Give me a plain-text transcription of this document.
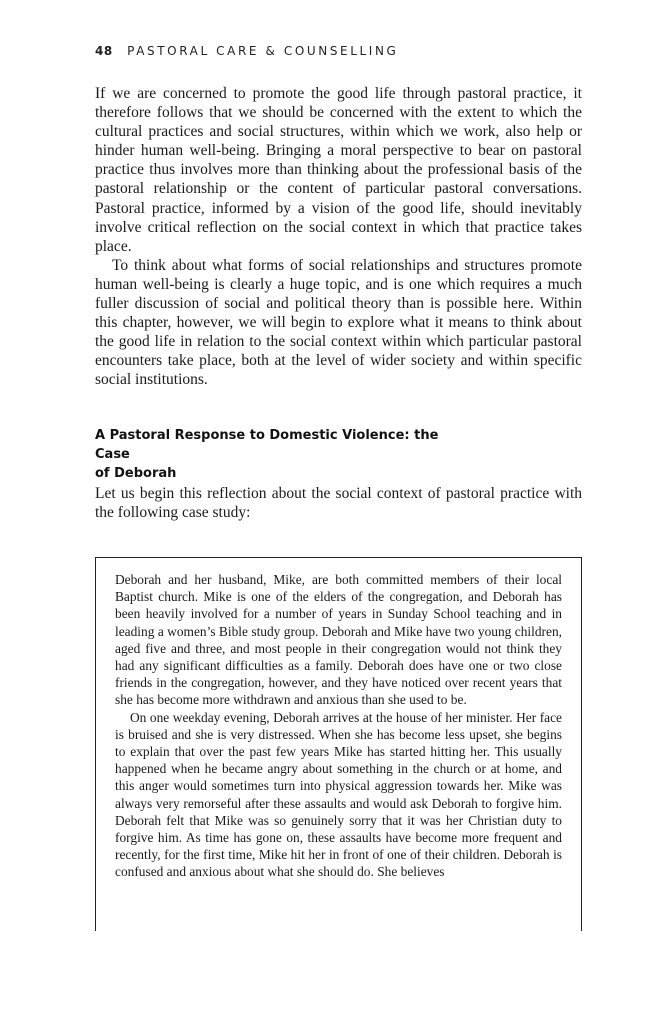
48 PASTORAL CARE & COUNSELLING

If we are concerned to promote the good life through pastoral practice, it therefore follows that we should be concerned with the extent to which the cultural practices and social structures, within which we work, also help or hinder human well-being. Bringing a moral perspective to bear on pastoral practice thus involves more than thinking about the professional basis of the pastoral relationship or the content of particular pastoral conversations. Pastoral practice, informed by a vision of the good life, should inevitably involve critical reflection on the social context in which that practice takes place.

To think about what forms of social relationships and structures promote human well-being is clearly a huge topic, and is one which requires a much fuller discussion of social and political theory than is possible here. Within this chapter, however, we will begin to explore what it means to think about the good life in relation to the social context within which particular pastoral encounters take place, both at the level of wider society and within specific social institutions.

A Pastoral Response to Domestic Violence: the Case
of Deborah

Let us begin this reflection about the social context of pastoral practice with the following case study:

Deborah and her husband, Mike, are both committed members of their local Baptist church. Mike is one of the elders of the congregation, and Deborah has been heavily involved for a number of years in Sunday School teaching and in leading a women’s Bible study group. Deborah and Mike have two young children, aged five and three, and most people in their congregation would not think they had any significant difficulties as a family. Deborah does have one or two close friends in the congregation, however, and they have noticed over recent years that she has become more withdrawn and anxious than she used to be.

On one weekday evening, Deborah arrives at the house of her minister. Her face is bruised and she is very distressed. When she has become less upset, she begins to explain that over the past few years Mike has started hitting her. This usually happened when he became angry about something in the church or at home, and this anger would sometimes turn into physical aggression towards her. Mike was always very remorseful after these assaults and would ask Deborah to forgive him. Deborah felt that Mike was so genuinely sorry that it was her Christian duty to forgive him. As time has gone on, these assaults have become more frequent and recently, for the first time, Mike hit her in front of one of their children. Deborah is confused and anxious about what she should do. She believes
